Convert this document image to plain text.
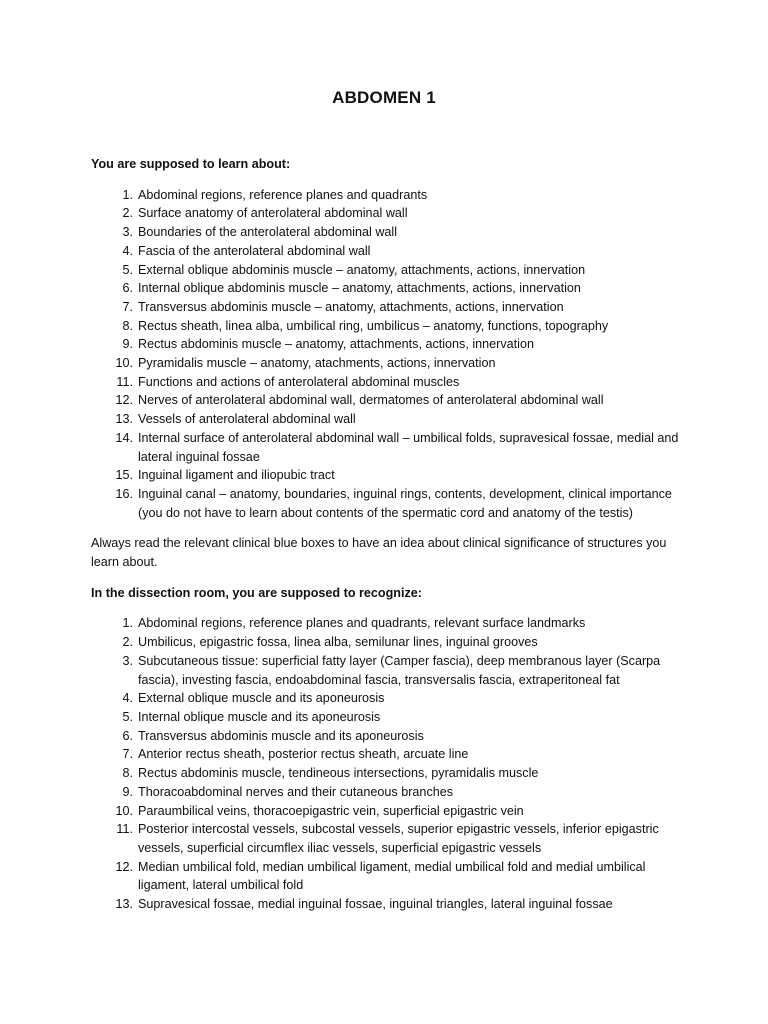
ABDOMEN 1

You are supposed to learn about:

1. Abdominal regions, reference planes and quadrants
2. Surface anatomy of anterolateral abdominal wall
3. Boundaries of the anterolateral abdominal wall
4. Fascia of the anterolateral abdominal wall
5. External oblique abdominis muscle – anatomy, attachments, actions, innervation
6. Internal oblique abdominis muscle – anatomy, attachments, actions, innervation
7. Transversus abdominis muscle – anatomy, attachments, actions, innervation
8. Rectus sheath, linea alba, umbilical ring, umbilicus – anatomy, functions, topography
9. Rectus abdominis muscle – anatomy, attachments, actions, innervation
10. Pyramidalis muscle – anatomy, atachments, actions, innervation
11. Functions and actions of anterolateral abdominal muscles
12. Nerves of anterolateral abdominal wall, dermatomes of anterolateral abdominal wall
13. Vessels of anterolateral abdominal wall
14. Internal surface of anterolateral abdominal wall – umbilical folds, supravesical fossae, medial and lateral inguinal fossae
15. Inguinal ligament and iliopubic tract
16. Inguinal canal – anatomy, boundaries, inguinal rings, contents, development, clinical importance (you do not have to learn about contents of the spermatic cord and anatomy of the testis)

Always read the relevant clinical blue boxes to have an idea about clinical significance of structures you learn about.

In the dissection room, you are supposed to recognize:

1. Abdominal regions, reference planes and quadrants, relevant surface landmarks
2. Umbilicus, epigastric fossa, linea alba, semilunar lines, inguinal grooves
3. Subcutaneous tissue: superficial fatty layer (Camper fascia), deep membranous layer (Scarpa fascia), investing fascia, endoabdominal fascia, transversalis fascia, extraperitoneal fat
4. External oblique muscle and its aponeurosis
5. Internal oblique muscle and its aponeurosis
6. Transversus abdominis muscle and its aponeurosis
7. Anterior rectus sheath, posterior rectus sheath, arcuate line
8. Rectus abdominis muscle, tendineous intersections, pyramidalis muscle
9. Thoracoabdominal nerves and their cutaneous branches
10. Paraumbilical veins, thoracoepigastric vein, superficial epigastric vein
11. Posterior intercostal vessels, subcostal vessels, superior epigastric vessels, inferior epigastric vessels, superficial circumflex iliac vessels, superficial epigastric vessels
12. Median umbilical fold, median umbilical ligament, medial umbilical fold and medial umbilical ligament, lateral umbilical fold
13. Supravesical fossae, medial inguinal fossae, inguinal triangles, lateral inguinal fossae
